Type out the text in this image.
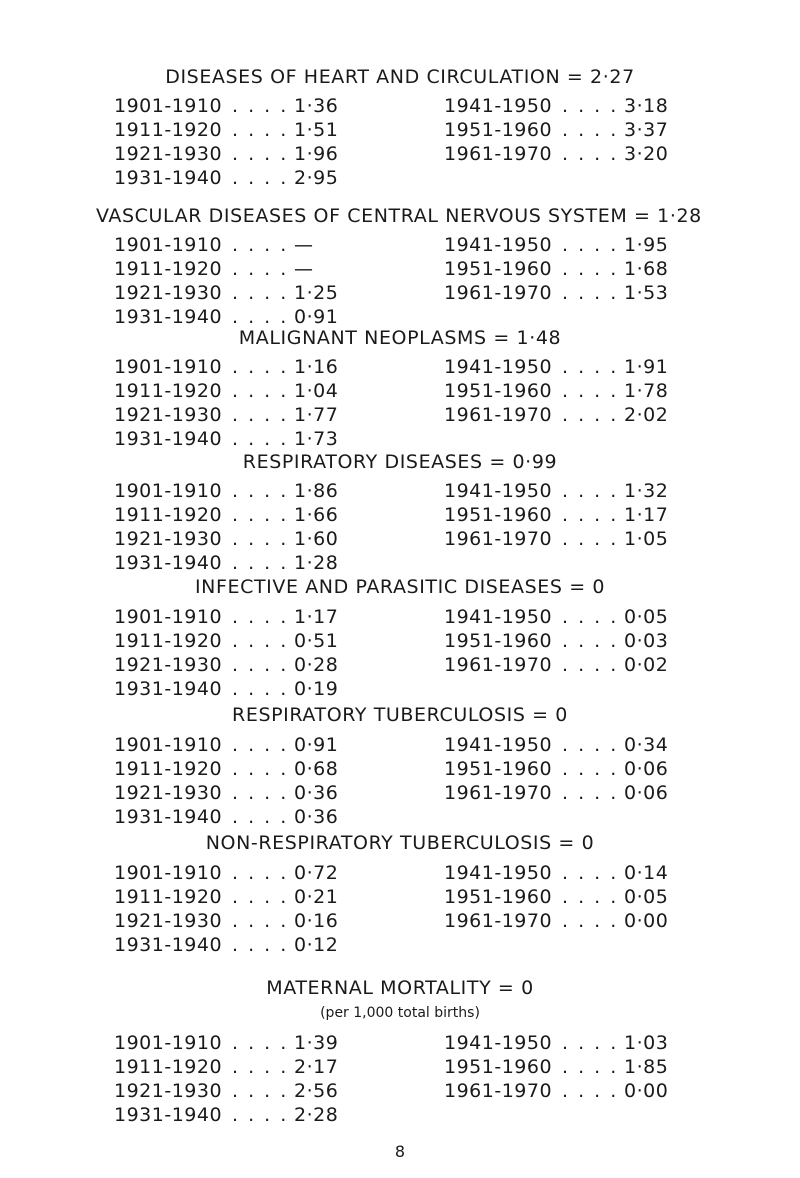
DISEASES OF HEART AND CIRCULATION = 2·27
1901-1910 . . . . 1·36
1911-1920 . . . . 1·51
1921-1930 . . . . 1·96
1931-1940 . . . . 2·95
1941-1950 . . . . 3·18
1951-1960 . . . . 3·37
1961-1970 . . . . 3·20
VASCULAR DISEASES OF CENTRAL NERVOUS SYSTEM = 1·28
1901-1910 . . . . —
1911-1920 . . . . —
1921-1930 . . . . 1·25
1931-1940 . . . . 0·91
1941-1950 . . . . 1·95
1951-1960 . . . . 1·68
1961-1970 . . . . 1·53
MALIGNANT NEOPLASMS = 1·48
1901-1910 . . . . 1·16
1911-1920 . . . . 1·04
1921-1930 . . . . 1·77
1931-1940 . . . . 1·73
1941-1950 . . . . 1·91
1951-1960 . . . . 1·78
1961-1970 . . . . 2·02
RESPIRATORY DISEASES = 0·99
1901-1910 . . . . 1·86
1911-1920 . . . . 1·66
1921-1930 . . . . 1·60
1931-1940 . . . . 1·28
1941-1950 . . . . 1·32
1951-1960 . . . . 1·17
1961-1970 . . . . 1·05
INFECTIVE AND PARASITIC DISEASES = 0
1901-1910 . . . . 1·17
1911-1920 . . . . 0·51
1921-1930 . . . . 0·28
1931-1940 . . . . 0·19
1941-1950 . . . . 0·05
1951-1960 . . . . 0·03
1961-1970 . . . . 0·02
RESPIRATORY TUBERCULOSIS = 0
1901-1910 . . . . 0·91
1911-1920 . . . . 0·68
1921-1930 . . . . 0·36
1931-1940 . . . . 0·36
1941-1950 . . . . 0·34
1951-1960 . . . . 0·06
1961-1970 . . . . 0·06
NON-RESPIRATORY TUBERCULOSIS = 0
1901-1910 . . . . 0·72
1911-1920 . . . . 0·21
1921-1930 . . . . 0·16
1931-1940 . . . . 0·12
1941-1950 . . . . 0·14
1951-1960 . . . . 0·05
1961-1970 . . . . 0·00
MATERNAL MORTALITY = 0
(per 1,000 total births)
1901-1910 . . . . 1·39
1911-1920 . . . . 2·17
1921-1930 . . . . 2·56
1931-1940 . . . . 2·28
1941-1950 . . . . 1·03
1951-1960 . . . . 1·85
1961-1970 . . . . 0·00
8
